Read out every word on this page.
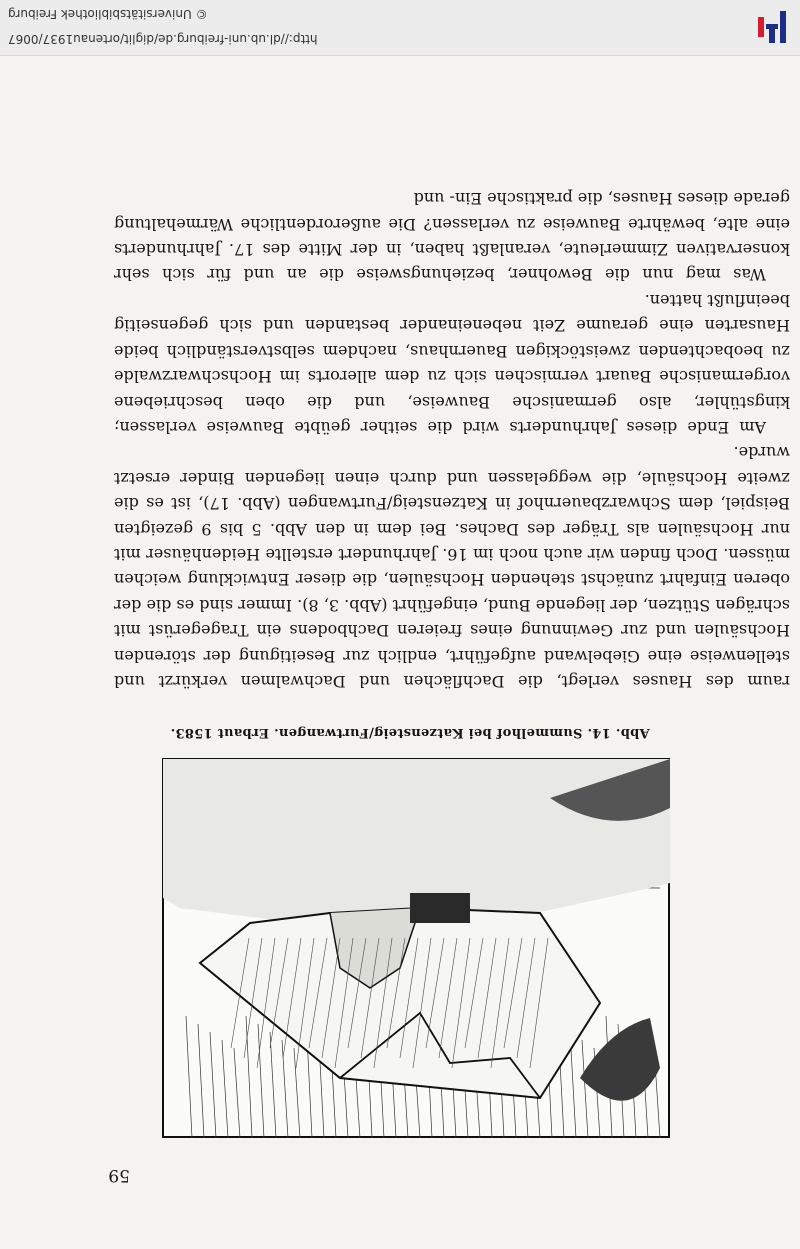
http://dl.ub.uni-freiburg.de/diglit/ortenau1937/0067
© Universitätsbibliothek Freiburg
59
Abb. 14. Summelhof bei Katzensteig/Furtwangen. Erbaut 1583.

raum des Hauses verlegt, die Dachflächen und Dachwalmen verkürzt und stellenweise eine Giebelwand aufgeführt, endlich zur Beseitigung der störenden Hochsäulen und zur Gewinnung eines freieren Dachbodens ein Tragegerüst mit schrägen Stützen, der liegende Bund, eingeführt (Abb. 3, 8). Immer sind es die der oberen Einfahrt zunächst stehenden Hochsäulen, die dieser Entwicklung weichen müssen. Doch finden wir auch noch im 16. Jahrhundert erstellte Heidenhäuser mit nur Hochsäulen als Träger des Daches. Bei dem in den Abb. 5 bis 9 gezeigten Beispiel, dem Schwarzbauernhof in Katzensteig/Furtwangen (Abb. 17), ist es die zweite Hochsäule, die weggelassen und durch einen liegenden Binder ersetzt wurde.

Am Ende dieses Jahrhunderts wird die seither geübte Bauweise verlassen; kingstühler, also germanische Bauweise, und die oben beschriebene vorgermanische Bauart vermischen sich zu dem allerorts im Hochschwarzwalde zu beobachtenden zweistöckigen Bauernhaus, nachdem selbstverständlich beide Hausarten eine geraume Zeit nebeneinander bestanden und sich gegenseitig beeinflußt hatten.

Was mag nun die Bewohner, beziehungsweise die an und für sich sehr konservativen Zimmerleute, veranlaßt haben, in der Mitte des 17. Jahrhunderts eine alte, bewährte Bauweise zu verlassen? Die außerordentliche Wärmehaltung gerade dieses Hauses, die praktische Ein- und
